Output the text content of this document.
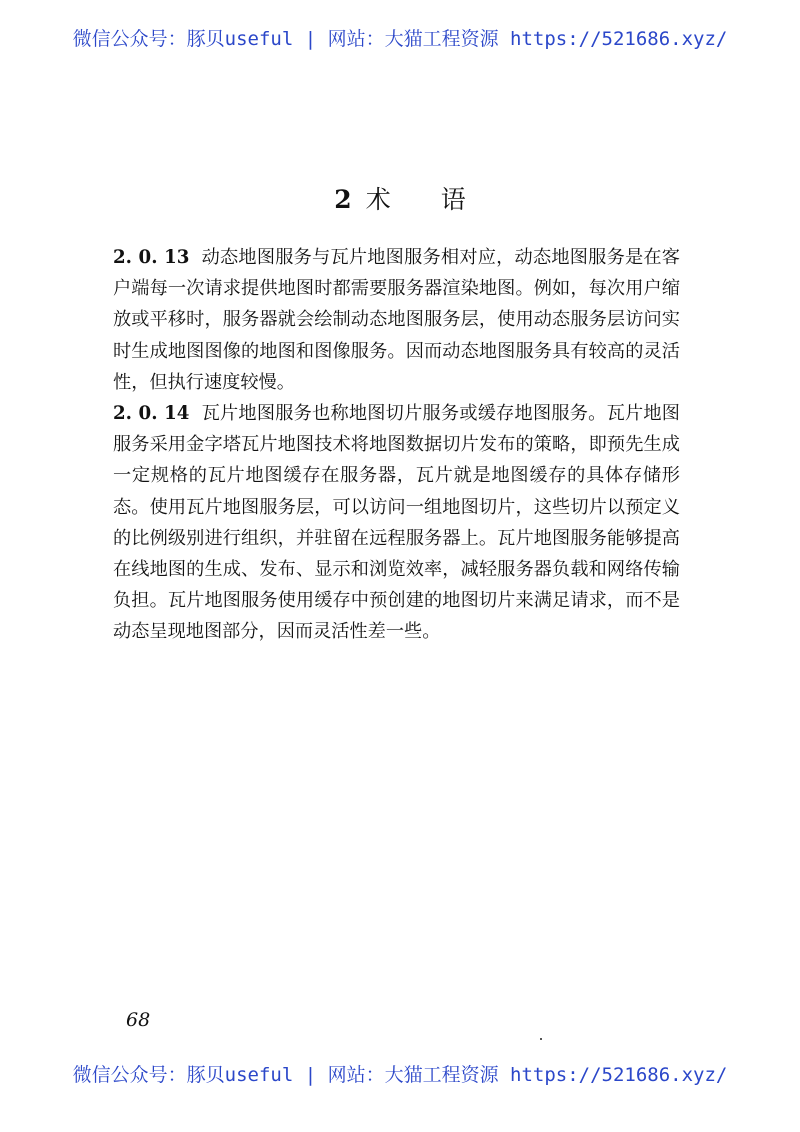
微信公众号：豚贝useful | 网站：大猫工程资源 https://521686.xyz/
2 术语

2. 0. 13 动态地图服务与瓦片地图服务相对应，动态地图服务是在客户端每一次请求提供地图时都需要服务器渲染地图。例如，每次用户缩放或平移时，服务器就会绘制动态地图服务层，使用动态服务层访问实时生成地图图像的地图和图像服务。因而动态地图服务具有较高的灵活性，但执行速度较慢。

2. 0. 14 瓦片地图服务也称地图切片服务或缓存地图服务。瓦片地图服务采用金字塔瓦片地图技术将地图数据切片发布的策略，即预先生成一定规格的瓦片地图缓存在服务器，瓦片就是地图缓存的具体存储形态。使用瓦片地图服务层，可以访问一组地图切片，这些切片以预定义的比例级别进行组织，并驻留在远程服务器上。瓦片地图服务能够提高在线地图的生成、发布、显示和浏览效率，减轻服务器负载和网络传输负担。瓦片地图服务使用缓存中预创建的地图切片来满足请求，而不是动态呈现地图部分，因而灵活性差一些。

68
微信公众号：豚贝useful | 网站：大猫工程资源 https://521686.xyz/
